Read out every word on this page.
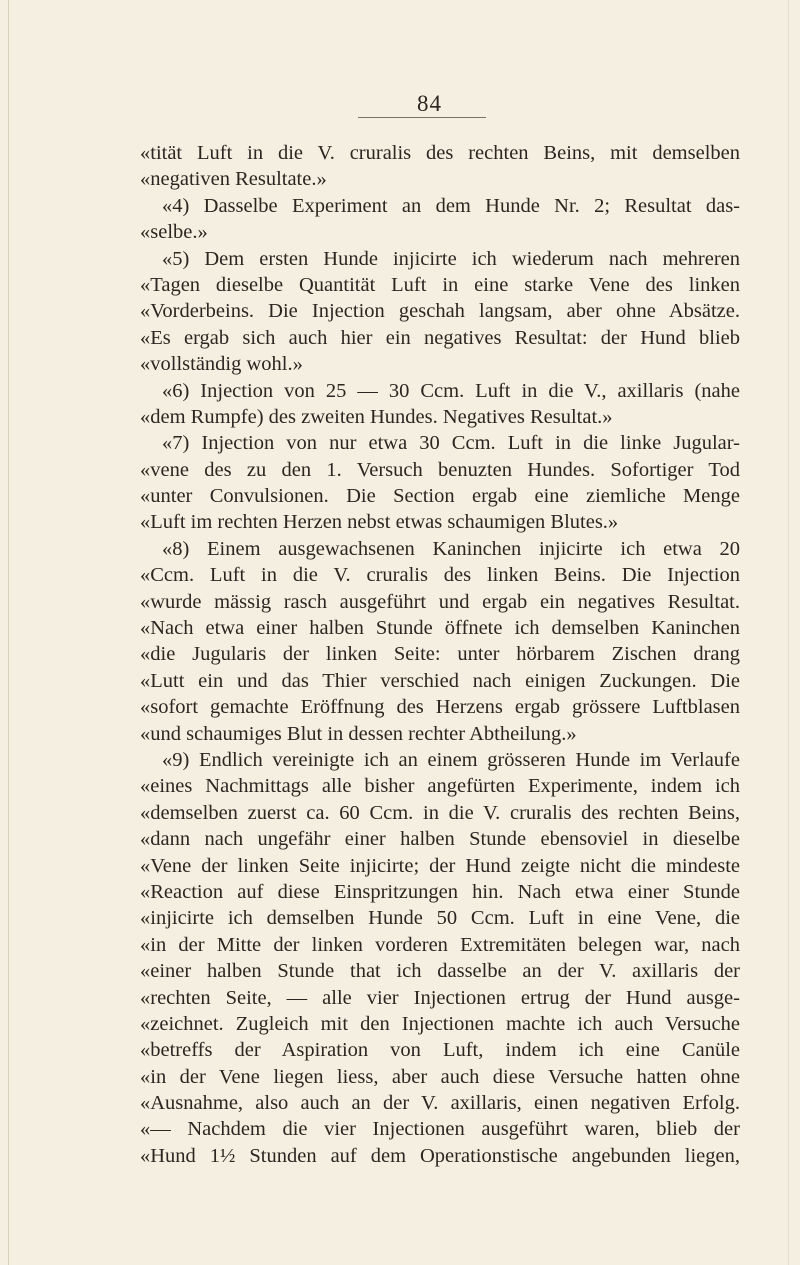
84
«tität Luft in die V. cruralis des rechten Beins, mit demselben
«negativen Resultate.»
«4) Dasselbe Experiment an dem Hunde Nr. 2; Resultat das-
«selbe.»
«5) Dem ersten Hunde injicirte ich wiederum nach mehreren
«Tagen dieselbe Quantität Luft in eine starke Vene des linken
«Vorderbeins. Die Injection geschah langsam, aber ohne Absätze.
«Es ergab sich auch hier ein negatives Resultat: der Hund blieb
«vollständig wohl.»
«6) Injection von 25 — 30 Ccm. Luft in die V., axillaris (nahe
«dem Rumpfe) des zweiten Hundes. Negatives Resultat.»
«7) Injection von nur etwa 30 Ccm. Luft in die linke Jugular-
«vene des zu den 1. Versuch benuzten Hundes. Sofortiger Tod
«unter Convulsionen. Die Section ergab eine ziemliche Menge
«Luft im rechten Herzen nebst etwas schaumigen Blutes.»
«8) Einem ausgewachsenen Kaninchen injicirte ich etwa 20
«Ccm. Luft in die V. cruralis des linken Beins. Die Injection
«wurde mässig rasch ausgeführt und ergab ein negatives Resultat.
«Nach etwa einer halben Stunde öffnete ich demselben Kaninchen
«die Jugularis der linken Seite: unter hörbarem Zischen drang
«Lutt ein und das Thier verschied nach einigen Zuckungen. Die
«sofort gemachte Eröffnung des Herzens ergab grössere Luftblasen
«und schaumiges Blut in dessen rechter Abtheilung.»
«9) Endlich vereinigte ich an einem grösseren Hunde im Verlaufe
«eines Nachmittags alle bisher angefürten Experimente, indem ich
«demselben zuerst ca. 60 Ccm. in die V. cruralis des rechten Beins,
«dann nach ungefähr einer halben Stunde ebensoviel in dieselbe
«Vene der linken Seite injicirte; der Hund zeigte nicht die mindeste
«Reaction auf diese Einspritzungen hin. Nach etwa einer Stunde
«injicirte ich demselben Hunde 50 Ccm. Luft in eine Vene, die
«in der Mitte der linken vorderen Extremitäten belegen war, nach
«einer halben Stunde that ich dasselbe an der V. axillaris der
«rechten Seite, — alle vier Injectionen ertrug der Hund ausge-
«zeichnet. Zugleich mit den Injectionen machte ich auch Versuche
«betreffs der Aspiration von Luft, indem ich eine Canüle
«in der Vene liegen liess, aber auch diese Versuche hatten ohne
«Ausnahme, also auch an der V. axillaris, einen negativen Erfolg.
«— Nachdem die vier Injectionen ausgeführt waren, blieb der
«Hund 1½ Stunden auf dem Operationstische angebunden liegen,
